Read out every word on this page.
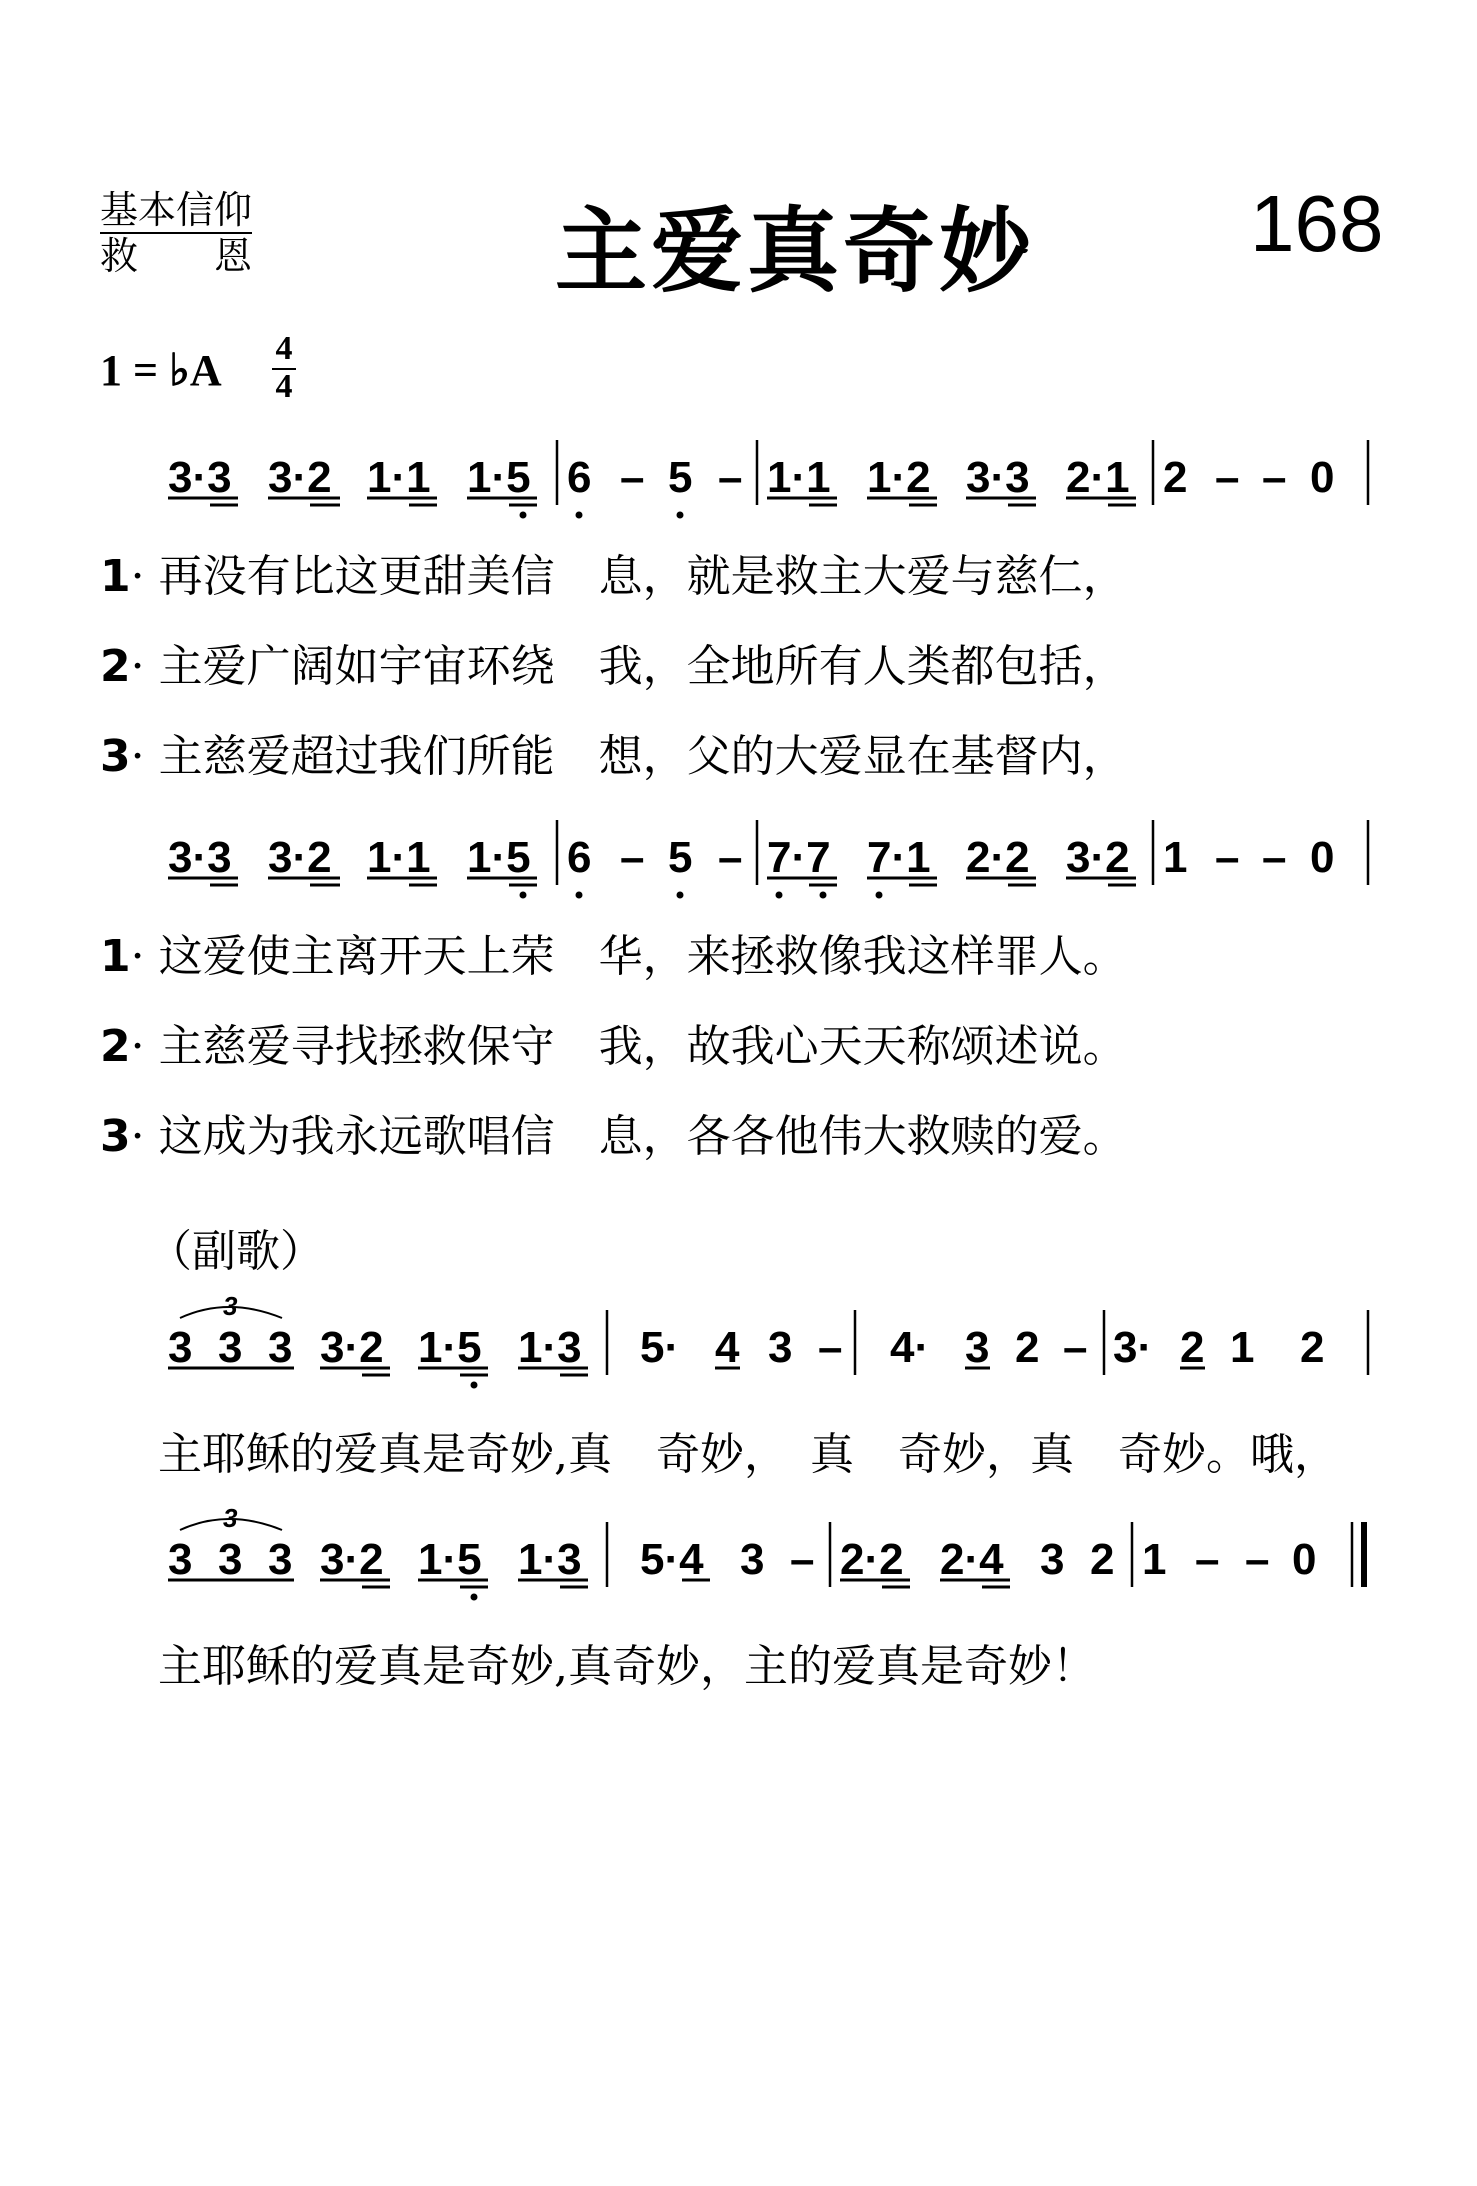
基本信仰
救　　恩	主爱真奇妙	168
1 = ♭A 4
4
3·3 3·2 1·1 1·5 6 – 5 – 1·1 1·2 3·3 2·1 2 – – 0
3·3 3·2 1·1 1·5 6 – 5 – 7·7 7·1 2·2 3·2 1 – – 0
3
3 3 3 3·2 1·5 1·3 5· 4 3 – 4· 3 2 – 3· 2 1 2
3
3 3 3 3·2 1·5 1·3 5·4 3 – 2·2 2·4 3 2 1 – – 0
1· 再没有比这更甜美信　息，就是救主大爱与慈仁，
2· 主爱广阔如宇宙环绕　我，全地所有人类都包括，
3· 主慈爱超过我们所能　想，父的大爱显在基督内，
1· 这爱使主离开天上荣　华，来拯救像我这样罪人。
2· 主慈爱寻找拯救保守　我，故我心天天称颂述说。
3· 这成为我永远歌唱信　息，各各他伟大救赎的爱。
（副歌）
主耶稣的爱真是奇妙,真　奇妙，　真　奇妙，真　奇妙。哦，
主耶稣的爱真是奇妙,真奇妙，主的爱真是奇妙！
